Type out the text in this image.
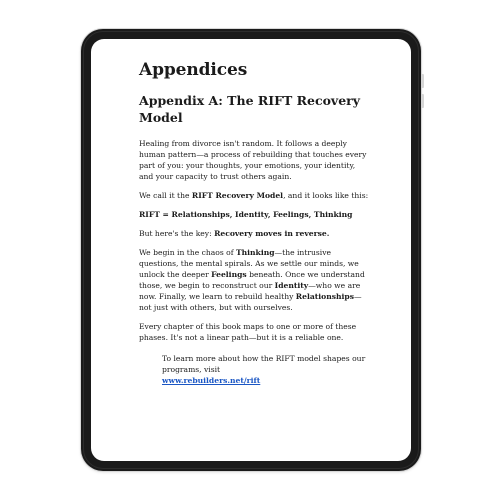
Appendices
Appendix A: The RIFT Recovery Model

Healing from divorce isn't random. It follows a deeply human pattern—a process of rebuilding that touches every part of you: your thoughts, your emotions, your identity, and your capacity to trust others again.

We call it the RIFT Recovery Model, and it looks like this:

RIFT = Relationships, Identity, Feelings, Thinking

But here's the key: Recovery moves in reverse.

We begin in the chaos of Thinking—the intrusive questions, the mental spirals. As we settle our minds, we unlock the deeper Feelings beneath. Once we understand those, we begin to reconstruct our Identity—who we are now. Finally, we learn to rebuild healthy Relationships—not just with others, but with ourselves.

Every chapter of this book maps to one or more of these phases. It's not a linear path—but it is a reliable one.

To learn more about how the RIFT model shapes our programs, visit
www.rebuilders.net/rift
